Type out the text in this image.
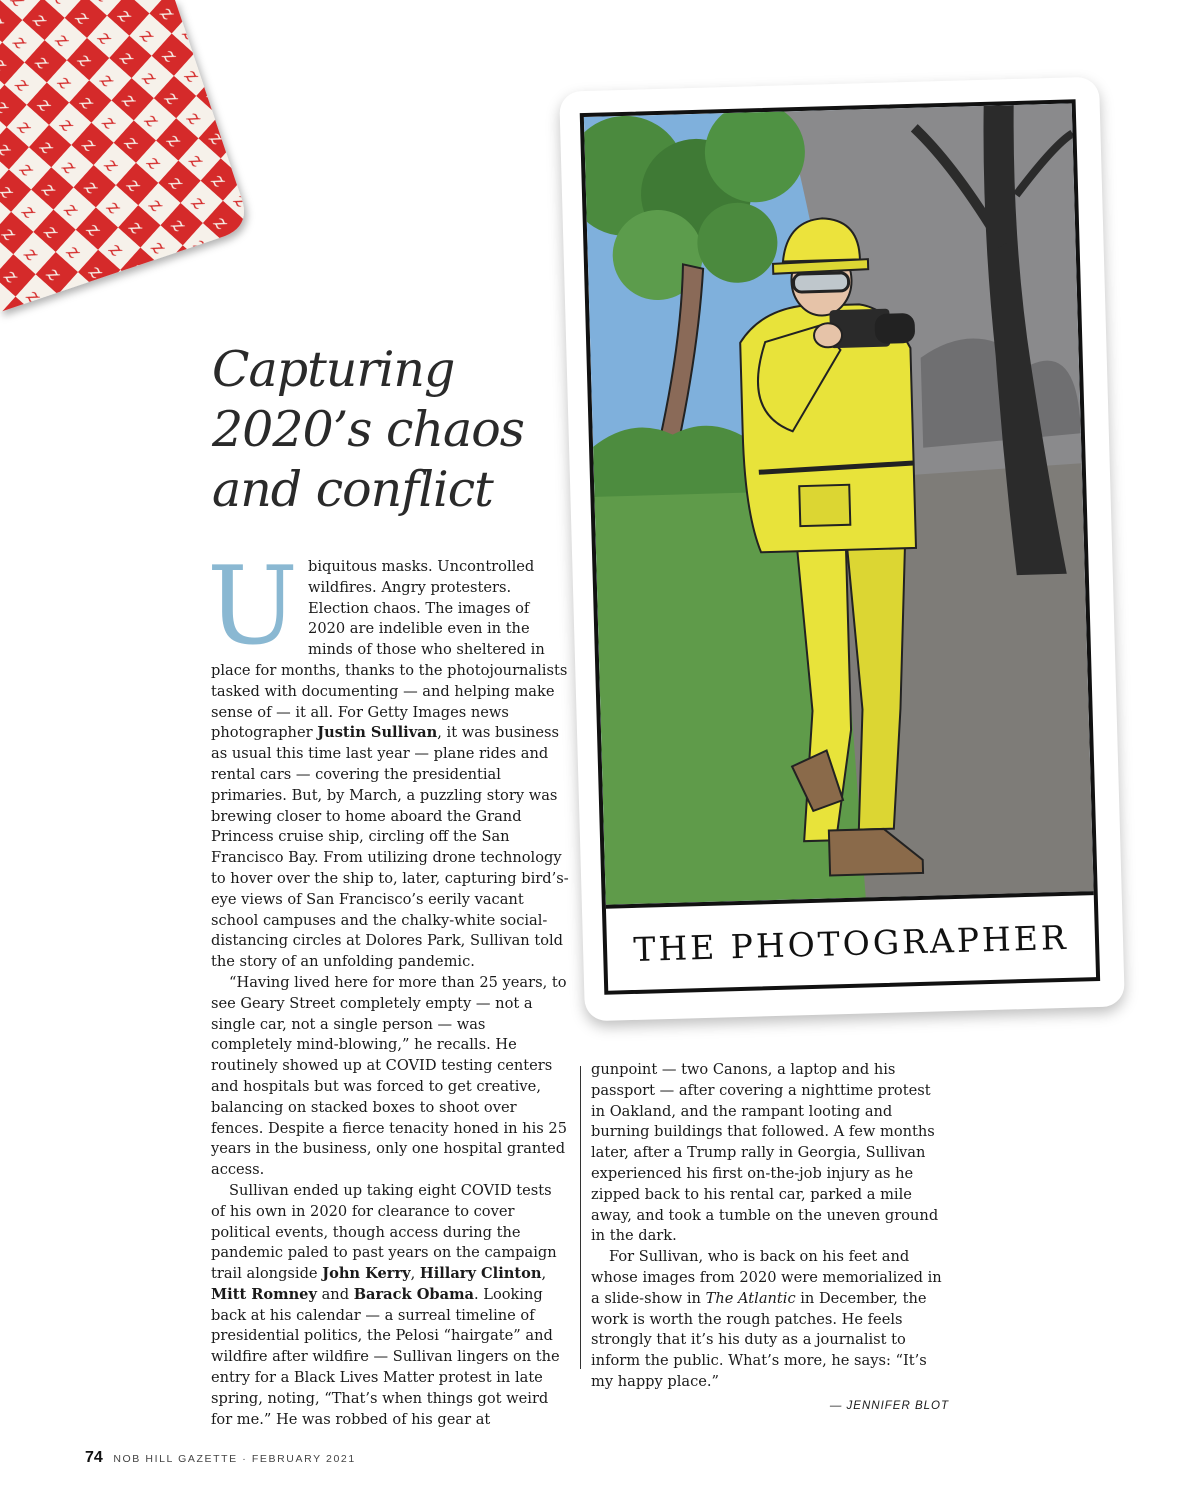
Capturing
2020’s chaos
and conflict

Ubiquitous masks. Uncontrolled wildfires. Angry protesters. Election chaos. The images of 2020 are indelible even in the minds of those who sheltered in place for months, thanks to the photojournalists tasked with documenting — and helping make sense of — it all. For Getty Images news photographer Justin Sullivan, it was business as usual this time last year — plane rides and rental cars — covering the presidential primaries. But, by March, a puzzling story was brewing closer to home aboard the Grand Princess cruise ship, circling off the San Francisco Bay. From utilizing drone technology to hover over the ship to, later, capturing bird’s-eye views of San Francisco’s eerily vacant school campuses and the chalky-white social-distancing circles at Dolores Park, Sullivan told the story of an unfolding pandemic.

“Having lived here for more than 25 years, to see Geary Street completely empty — not a single car, not a single person — was completely mind-blowing,” he recalls. He routinely showed up at COVID testing centers and hospitals but was forced to get creative, balancing on stacked boxes to shoot over fences. Despite a fierce tenacity honed in his 25 years in the business, only one hospital granted access.

Sullivan ended up taking eight COVID tests of his own in 2020 for clearance to cover political events, though access during the pandemic paled to past years on the campaign trail alongside John Kerry, Hillary Clinton, Mitt Romney and Barack Obama. Looking back at his calendar — a surreal timeline of presidential politics, the Pelosi “hairgate” and wildfire after wildfire — Sullivan lingers on the entry for a Black Lives Matter protest in late spring, noting, “That’s when things got weird for me.” He was robbed of his gear at

gunpoint — two Canons, a laptop and his passport — after covering a nighttime protest in Oakland, and the rampant looting and burning buildings that followed. A few months later, after a Trump rally in Georgia, Sullivan experienced his first on-the-job injury as he zipped back to his rental car, parked a mile away, and took a tumble on the uneven ground in the dark.

For Sullivan, who is back on his feet and whose images from 2020 were memorialized in a slide-show in The Atlantic in December, the work is worth the rough patches. He feels strongly that it’s his duty as a journalist to inform the public. What’s more, he says: “It’s my happy place.”

— JENNIFER BLOT
THE PHOTOGRAPHER
74 NOB HILL GAZETTE · FEBRUARY 2021
